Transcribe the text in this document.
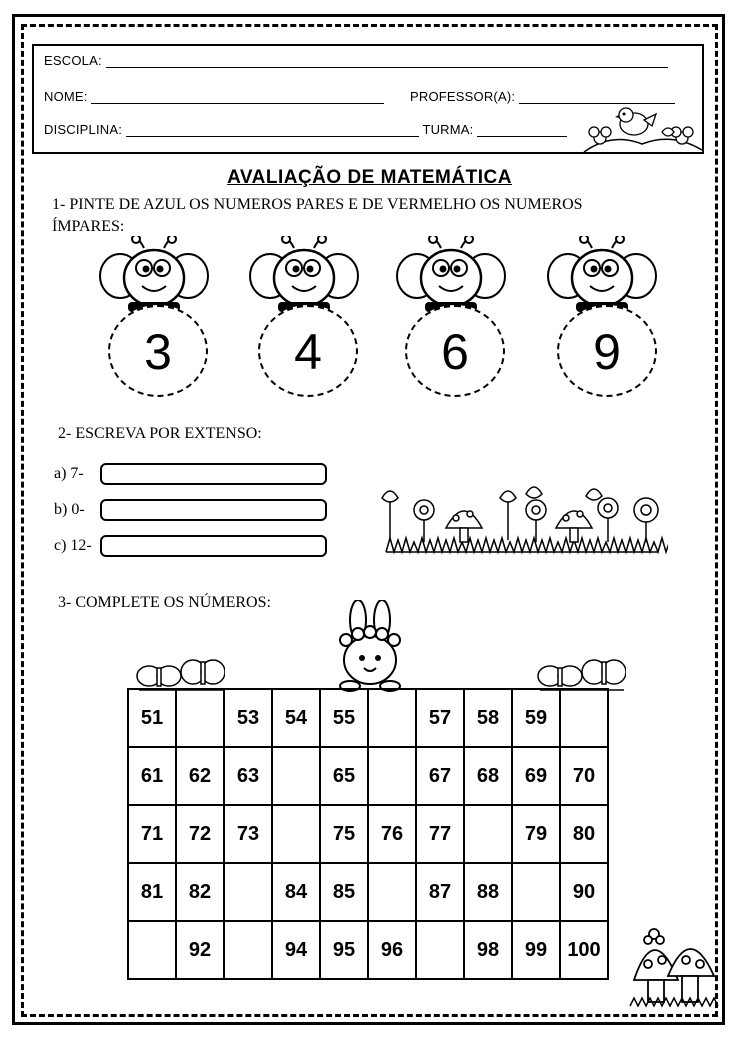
ESCOLA:
NOME:	PROFESSOR(A):
DISCIPLINA:	TURMA:
AVALIAÇÃO DE MATEMÁTICA
1- PINTE DE AZUL OS NUMEROS PARES E DE VERMELHO OS NUMEROS
ÍMPARES:
3	4	6	9
2- ESCREVA POR EXTENSO:
a) 7-
b) 0-
c) 12-
3- COMPLETE OS NÚMEROS:
51		53	54	55		57	58	59	
61	62	63		65		67	68	69	70
71	72	73		75	76	77		79	80
81	82		84	85		87	88		90
	92		94	95	96		98	99	100
